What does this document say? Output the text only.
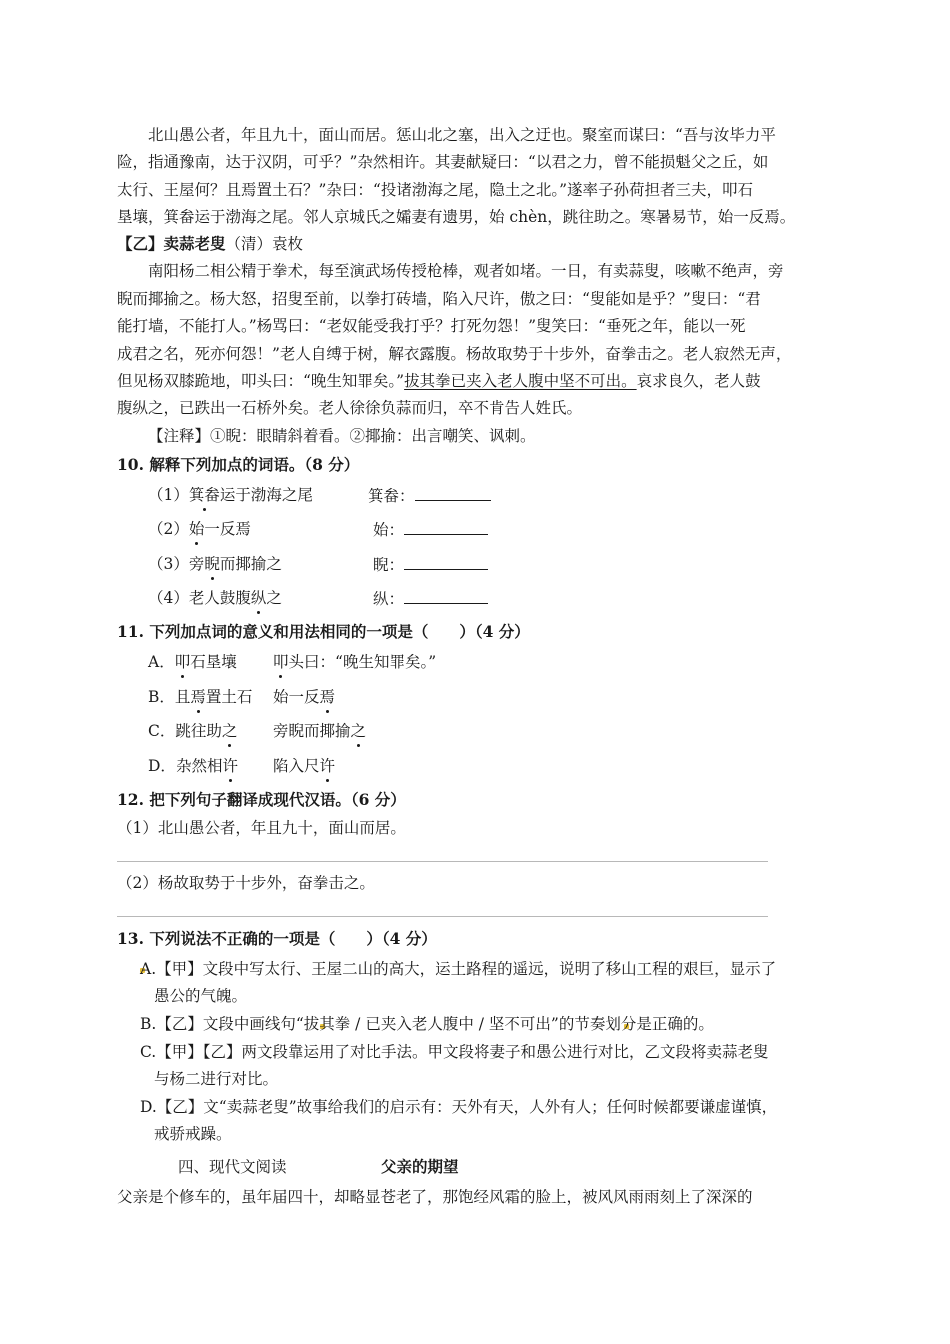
北山愚公者，年且九十，面山而居。惩山北之塞，出入之迂也。聚室而谋曰：“吾与汝毕力平
险，指通豫南，达于汉阴，可乎？”杂然相许。其妻献疑曰：“以君之力，曾不能损魁父之丘，如
太行、王屋何？且焉置土石？”杂曰：“投诸渤海之尾，隐土之北。”遂率子孙荷担者三夫，叩石
垦壤，箕畚运于渤海之尾。邻人京城氏之孀妻有遗男，始 chèn，跳往助之。寒暑易节，始一反焉。
【乙】卖蒜老叟（清）袁枚
南阳杨二相公精于拳术，每至演武场传授枪棒，观者如堵。一日，有卖蒜叟，咳嗽不绝声，旁
睨而揶揄之。杨大怒，招叟至前，以拳打砖墙，陷入尺许，傲之曰：“叟能如是乎？”叟曰：“君
能打墙，不能打人。”杨骂曰：“老奴能受我打乎？打死勿怨！”叟笑曰：“垂死之年，能以一死
成君之名，死亦何怨！”老人自缚于树，解衣露腹。杨故取势于十步外，奋拳击之。老人寂然无声，
但见杨双膝跪地，叩头曰：“晚生知罪矣。”拔其拳已夹入老人腹中坚不可出。哀求良久，老人鼓
腹纵之，已跌出一石桥外矣。老人徐徐负蒜而归，卒不肯告人姓氏。
【注释】①睨：眼睛斜着看。②揶揄：出言嘲笑、讽刺。
10. 解释下列加点的词语。（8 分）
（1）箕畚运于渤海之尾	箕畚：
（2）始一反焉	始：
（3）旁睨而揶揄之	睨：
（4）老人鼓腹纵之	纵：
11. 下列加点词的意义和用法相同的一项是（　　）（4 分）
A．叩石垦壤 叩头曰：“晚生知罪矣。”
B．且焉置土石 始一反焉
C．跳往助之 旁睨而揶揄之
D．杂然相许 陷入尺许
12. 把下列句子翻译成现代汉语。（6 分）
（1）北山愚公者，年且九十，面山而居。
（2）杨故取势于十步外，奋拳击之。
13. 下列说法不正确的一项是（　　）（4 分）
A.【甲】文段中写太行、王屋二山的高大，运土路程的遥远，说明了移山工程的艰巨，显示了
愚公的气魄。
B.【乙】文段中画线句“拔其拳 / 已夹入老人腹中 / 坚不可出”的节奏划分是正确的。
C.【甲】【乙】两文段靠运用了对比手法。甲文段将妻子和愚公进行对比，乙文段将卖蒜老叟
与杨二进行对比。
D.【乙】文“卖蒜老叟”故事给我们的启示有：天外有天，人外有人；任何时候都要谦虚谨慎，
戒骄戒躁。
四、现代文阅读	父亲的期望
父亲是个修车的，虽年届四十，却略显苍老了，那饱经风霜的脸上，被风风雨雨刻上了深深的
